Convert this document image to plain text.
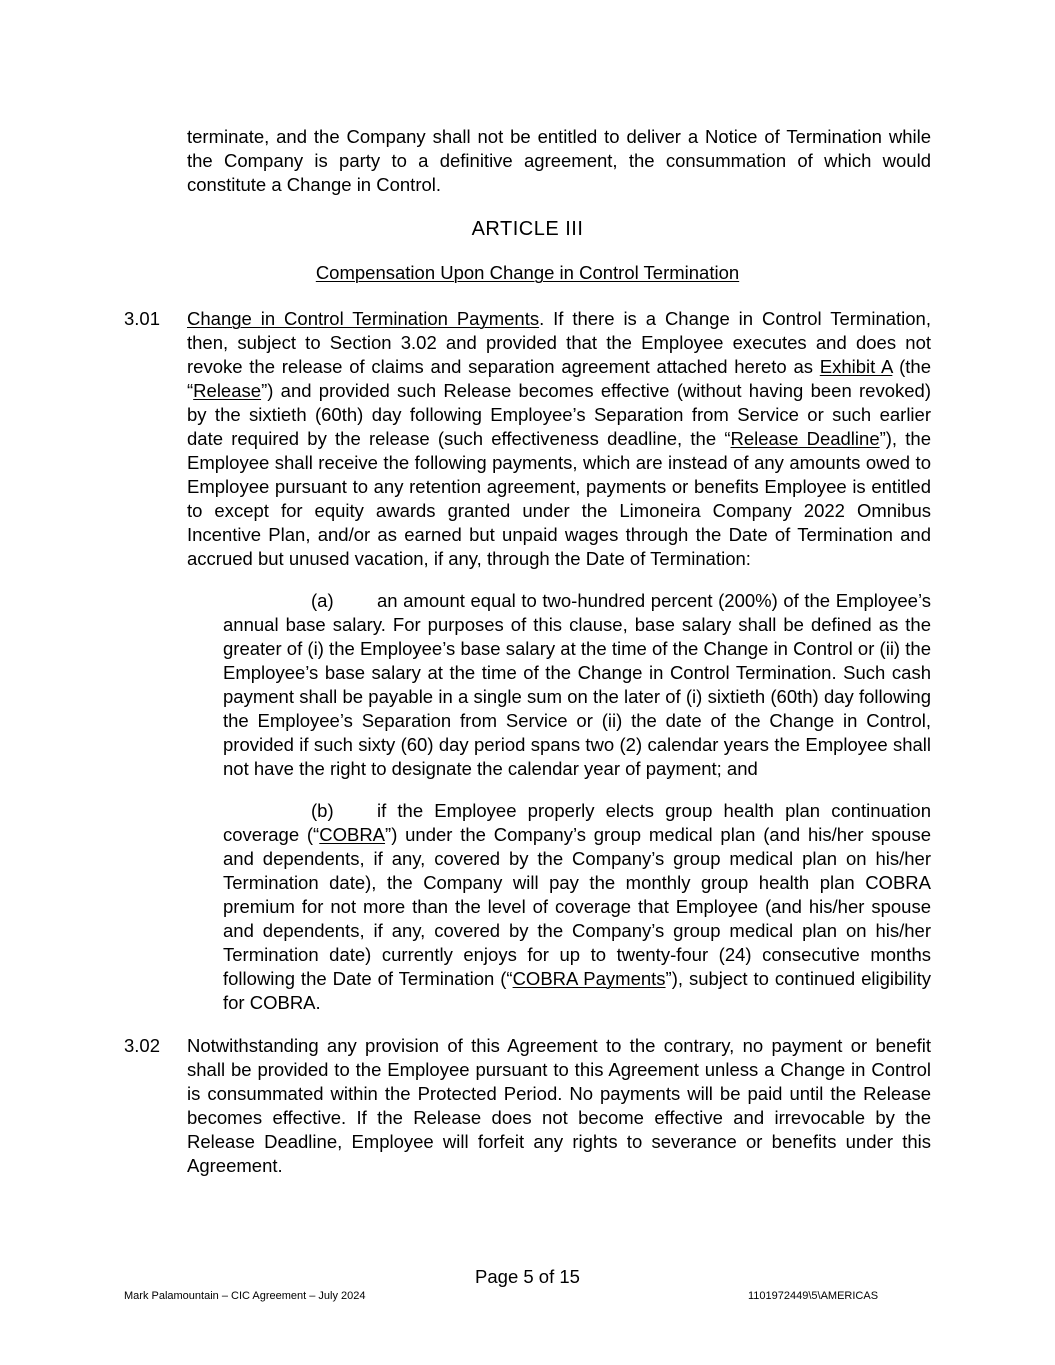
terminate, and the Company shall not be entitled to deliver a Notice of Termination while the Company is party to a definitive agreement, the consummation of which would constitute a Change in Control.

ARTICLE III
Compensation Upon Change in Control Termination
3.01 Change in Control Termination Payments. If there is a Change in Control Termination, then, subject to Section 3.02 and provided that the Employee executes and does not revoke the release of claims and separation agreement attached hereto as Exhibit A (the “Release”) and provided such Release becomes effective (without having been revoked) by the sixtieth (60th) day following Employee’s Separation from Service or such earlier date required by the release (such effectiveness deadline, the “Release Deadline”), the Employee shall receive the following payments, which are instead of any amounts owed to Employee pursuant to any retention agreement, payments or benefits Employee is entitled to except for equity awards granted under the Limoneira Company 2022 Omnibus Incentive Plan, and/or as earned but unpaid wages through the Date of Termination and accrued but unused vacation, if any, through the Date of Termination:

(a) an amount equal to two-hundred percent (200%) of the Employee’s annual base salary. For purposes of this clause, base salary shall be defined as the greater of (i) the Employee’s base salary at the time of the Change in Control or (ii) the Employee’s base salary at the time of the Change in Control Termination. Such cash payment shall be payable in a single sum on the later of (i) sixtieth (60th) day following the Employee’s Separation from Service or (ii) the date of the Change in Control, provided if such sixty (60) day period spans two (2) calendar years the Employee shall not have the right to designate the calendar year of payment; and

(b) if the Employee properly elects group health plan continuation coverage (“COBRA”) under the Company’s group medical plan (and his/her spouse and dependents, if any, covered by the Company’s group medical plan on his/her Termination date), the Company will pay the monthly group health plan COBRA premium for not more than the level of coverage that Employee (and his/her spouse and dependents, if any, covered by the Company’s group medical plan on his/her Termination date) currently enjoys for up to twenty-four (24) consecutive months following the Date of Termination (“COBRA Payments”), subject to continued eligibility for COBRA.

3.02 Notwithstanding any provision of this Agreement to the contrary, no payment or benefit shall be provided to the Employee pursuant to this Agreement unless a Change in Control is consummated within the Protected Period. No payments will be paid until the Release becomes effective. If the Release does not become effective and irrevocable by the Release Deadline, Employee will forfeit any rights to severance or benefits under this Agreement.

Page 5 of 15
Mark Palamountain – CIC Agreement – July 2024	1101972449\5\AMERICAS
